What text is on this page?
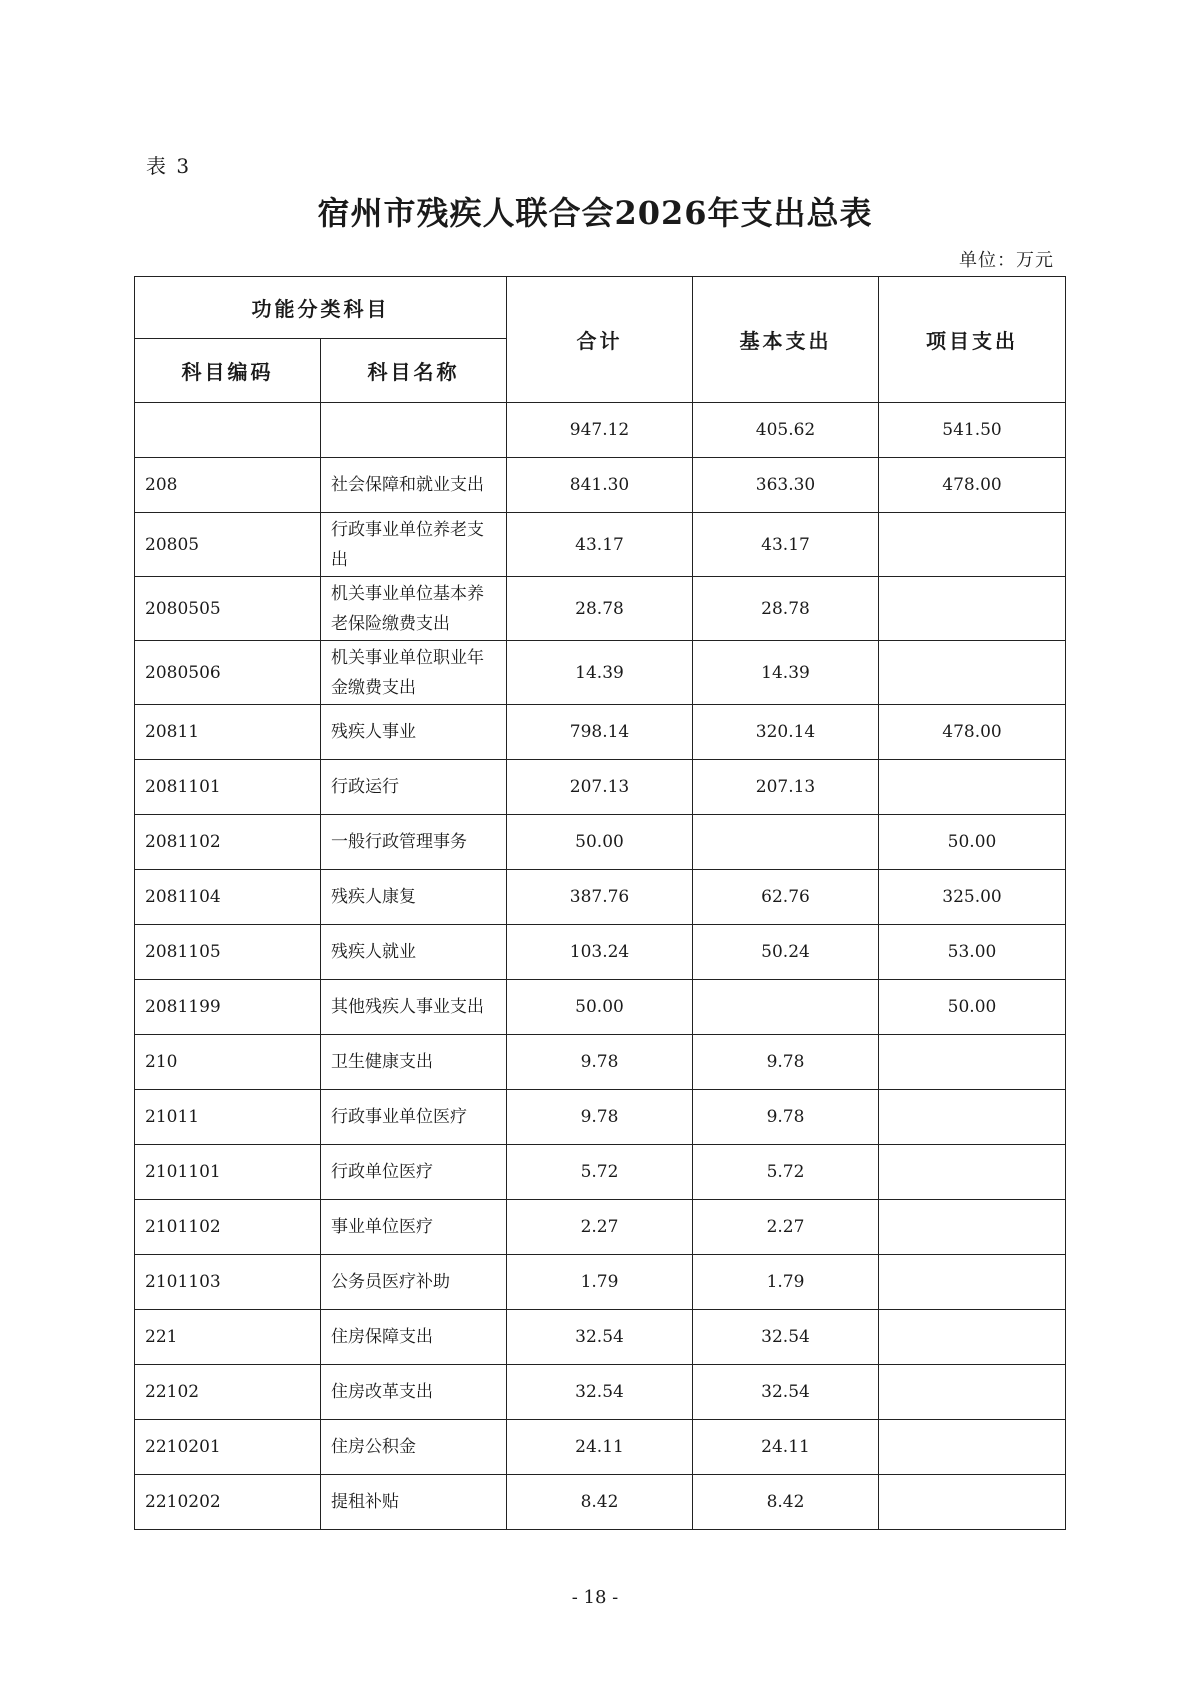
表 3
宿州市残疾人联合会2026年支出总表
单位：万元
功能分类科目		合计	基本支出	项目支出
科目编码	科目名称			
		947.12	405.62	541.50
208	社会保障和就业支出	841.30	363.30	478.00
20805	行政事业单位养老支出	43.17	43.17	
2080505	机关事业单位基本养老保险缴费支出	28.78	28.78	
2080506	机关事业单位职业年金缴费支出	14.39	14.39	
20811	残疾人事业	798.14	320.14	478.00
2081101	行政运行	207.13	207.13	
2081102	一般行政管理事务	50.00		50.00
2081104	残疾人康复	387.76	62.76	325.00
2081105	残疾人就业	103.24	50.24	53.00
2081199	其他残疾人事业支出	50.00		50.00
210	卫生健康支出	9.78	9.78	
21011	行政事业单位医疗	9.78	9.78	
2101101	行政单位医疗	5.72	5.72	
2101102	事业单位医疗	2.27	2.27	
2101103	公务员医疗补助	1.79	1.79	
221	住房保障支出	32.54	32.54	
22102	住房改革支出	32.54	32.54	
2210201	住房公积金	24.11	24.11	
2210202	提租补贴	8.42	8.42	
- 18 -
